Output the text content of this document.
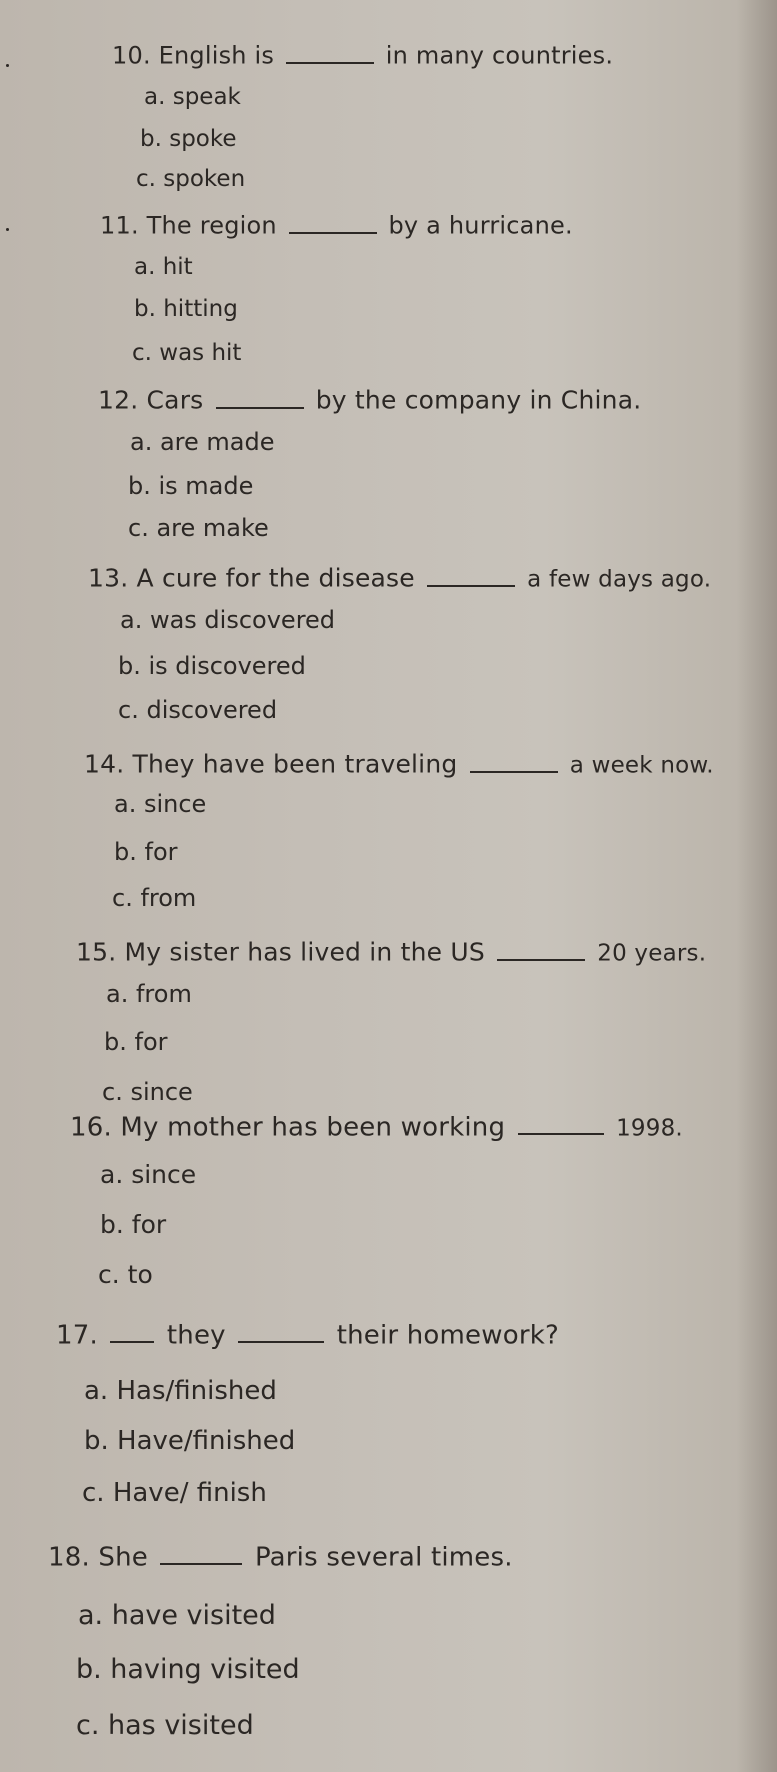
10. English is	in many countries.
a. speak
b. spoke
c. spoken
11. The region	by a hurricane.
a. hit
b. hitting
c. was hit
12. Cars	by the company in China.
a. are made
b. is made
c. are make
13. A cure for the disease	a few days ago.
a. was discovered
b. is discovered
c. discovered
14. They have been traveling	a week now.
a. since
b. for
c. from
15. My sister has lived in the US	20 years.
a. from
b. for
c. since
16. My mother has been working	1998.
a. since
b. for
c. to
17.	they	their homework?
a. Has/finished
b. Have/finished
c. Have/ finish
18. She	Paris several times.
a. have visited
b. having visited
c. has visited
